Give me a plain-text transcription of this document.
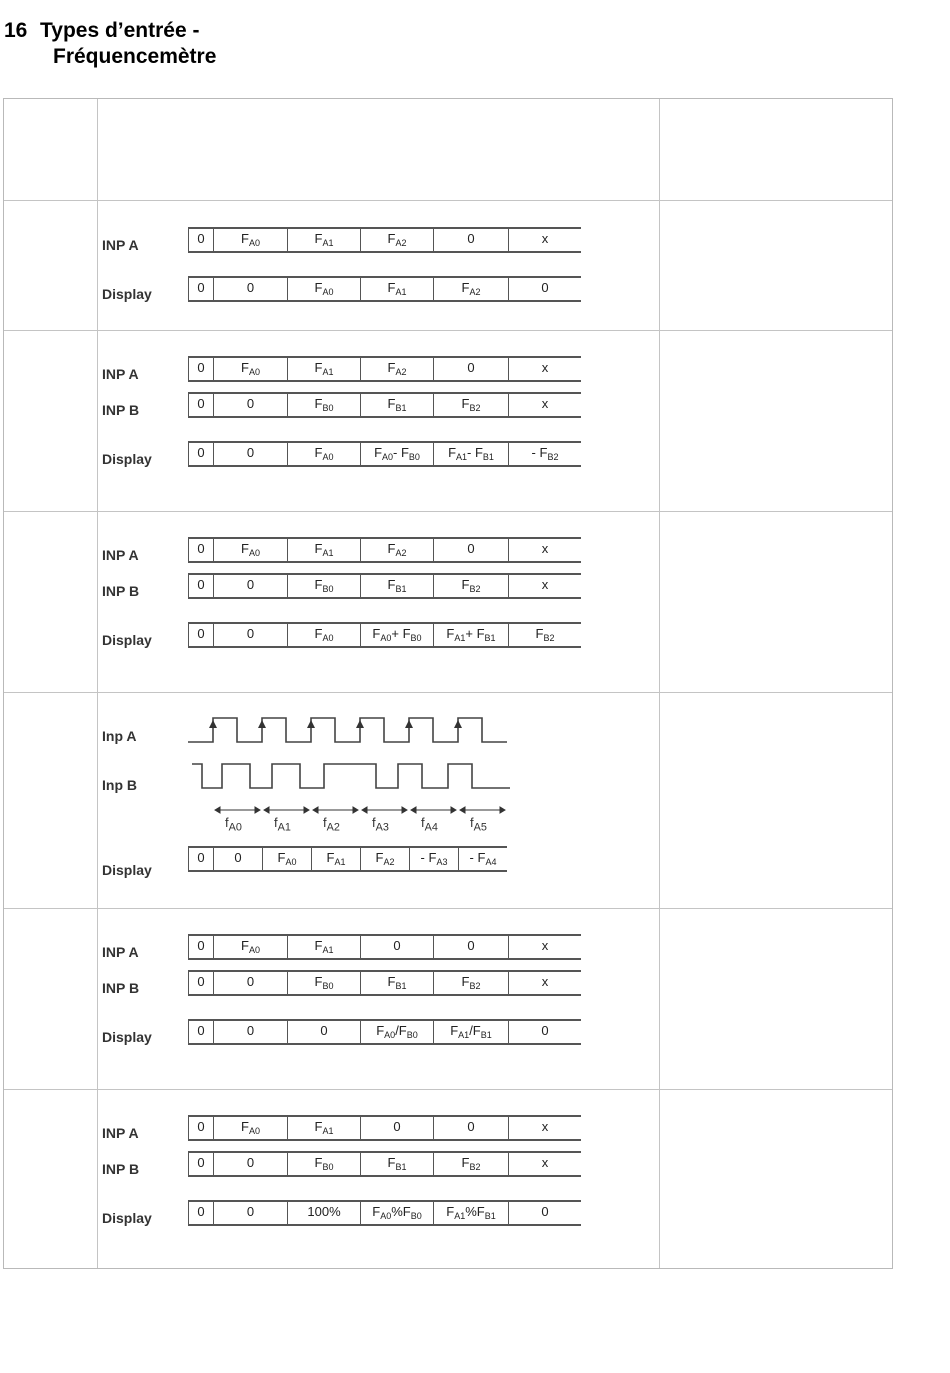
16 Types d’entrée -
Fréquencemètre
INP A	0	$F_{A0}$	$F_{A1}$	$F_{A2}$	0	x
Display	0	0	$F_{A0}$	$F_{A1}$	$F_{A2}$	0
INP A	0	$F_{A0}$	$F_{A1}$	$F_{A2}$	0	x
INP B	0	0	$F_{B0}$	$F_{B1}$	$F_{B2}$	x
Display	0	0	$F_{A0}$	$F_{A0}-$ $F_{B0}$	$F_{A1}-$ $F_{B1}$	- $F_{B2}$
INP A	0	$F_{A0}$	$F_{A1}$	$F_{A2}$	0	x
INP B	0	0	$F_{B0}$	$F_{B1}$	$F_{B2}$	x
Display	0	0	$F_{A0}$	$F_{A0}+ F_{B0}$	$F_{A1}+ F_{B1}$	$F_{B2}$
Inp A
Inp B
Display
$f_{A0}$ $f_{A1}$ $f_{A2}$ $f_{A3}$ $f_{A4}$ $f_{A5}$
0	0	$F_{A0}$	$F_{A1}$	$F_{A2}$	- $F_{A3}$	- $F_{A4}$
INP A	0	$F_{A0}$	$F_{A1}$	0	0	x
INP B	0	0	$F_{B0}$	$F_{B1}$	$F_{B2}$	x
Display	0	0	0	$F_{A0}/F_{B0}$	$F_{A1}/F_{B1}$	0
INP A	0	$F_{A0}$	$F_{A1}$	0	0	x
INP B	0	0	$F_{B0}$	$F_{B1}$	$F_{B2}$	x
Display	0	0	100%	$F_{A0}\%F_{B0}$	$F_{A1}\%F_{B1}$	0
